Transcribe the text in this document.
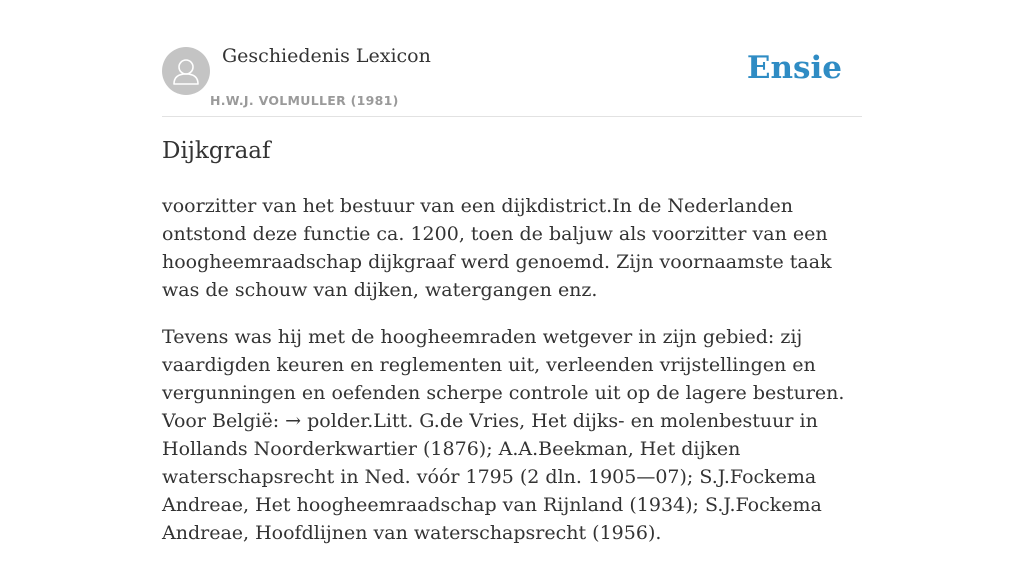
Geschiedenis Lexicon
H.W.J. VOLMULLER (1981)
Ensie
Dijkgraaf

voorzitter van het bestuur van een dijkdistrict.In de Nederlanden ontstond deze functie ca. 1200, toen de baljuw als voorzitter van een hoogheemraadschap dijkgraaf werd genoemd. Zijn voornaamste taak was de schouw van dijken, watergangen enz.

Tevens was hij met de hoogheemraden wetgever in zijn gebied: zij vaardigden keuren en reglementen uit, verleenden vrijstellingen en vergunningen en oefenden scherpe controle uit op de lagere besturen. Voor België: → polder.Litt. G.de Vries, Het dijks- en molenbestuur in Hollands Noorderkwartier (1876); A.A.Beekman, Het dijken waterschapsrecht in Ned. vóór 1795 (2 dln. 1905—07); S.J.Fockema Andreae, Het hoogheemraadschap van Rijnland (1934); S.J.Fockema Andreae, Hoofdlijnen van waterschapsrecht (1956).
